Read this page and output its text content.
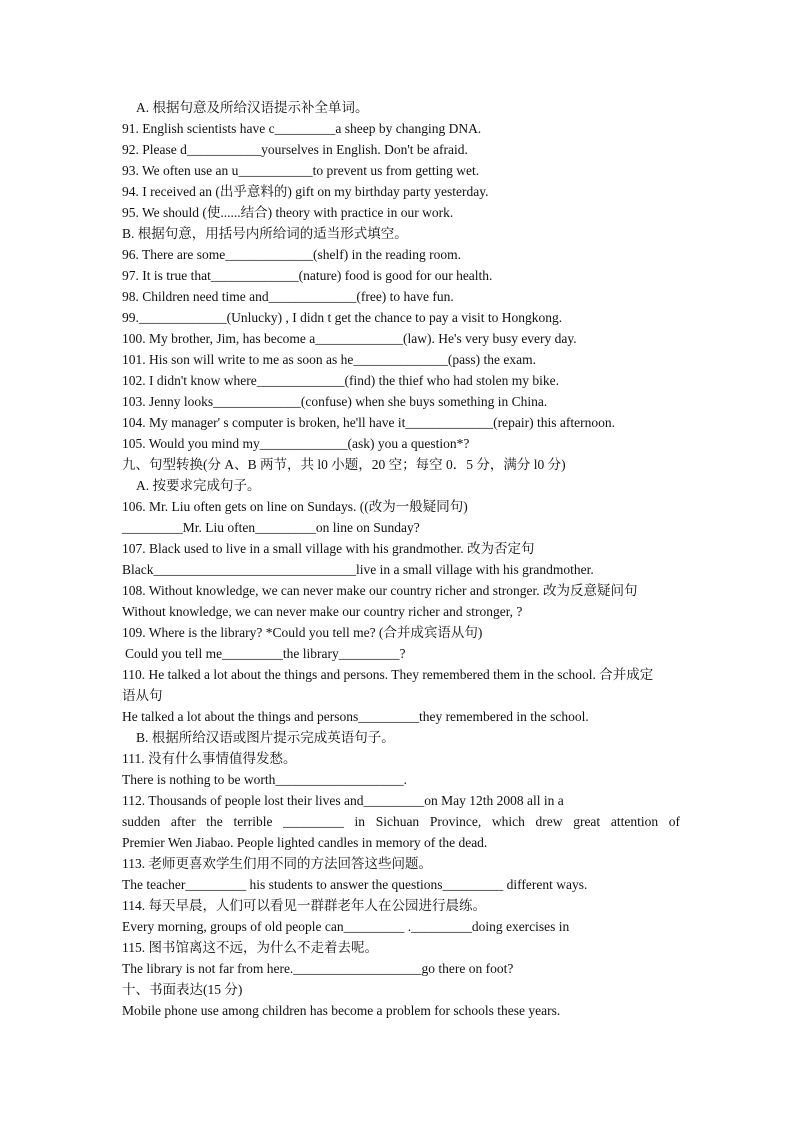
A. 根据句意及所给汉语提示补全单词。
91. English scientists have c_________a sheep by changing DNA.
92. Please d___________yourselves in English. Don't be afraid.
93. We often use an u___________to prevent us from getting wet.
94. I received an (出乎意料的) gift on my birthday party yesterday.
95. We should (使......结合) theory with practice in our work.
B. 根据句意，用括号内所给词的适当形式填空。
96. There are some_____________(shelf) in the reading room.
97. It is true that_____________(nature) food is good for our health.
98. Children need time and_____________(free) to have fun.
99._____________(Unlucky) , I didn t get the chance to pay a visit to Hongkong.
100. My brother, Jim, has become a_____________(law). He's very busy every day.
101. His son will write to me as soon as he______________(pass) the exam.
102. I didn't know where_____________(find) the thief who had stolen my bike.
103. Jenny looks_____________(confuse) when she buys something in China.
104. My manager' s computer is broken, he'll have it_____________(repair) this afternoon.
105. Would you mind my_____________(ask) you a question*?
九、句型转换(分 A、B 两节，共 l0 小题，20 空；每空 0．5 分，满分 l0 分)
A. 按要求完成句子。
106. Mr. Liu often gets on line on Sundays. ((改为一般疑同句)
_________Mr. Liu often_________on line on Sunday?
107. Black used to live in a small village with his grandmother. 改为否定句
Black______________________________live in a small village with his grandmother.
108. Without knowledge, we can never make our country richer and stronger. 改为反意疑问句
Without knowledge, we can never make our country richer and stronger, ?
109. Where is the library? *Could you tell me? (合并成宾语从句)
Could you tell me_________the library_________?
110. He talked a lot about the things and persons. They remembered them in the school. 合并成定
语从句
He talked a lot about the things and persons_________they remembered in the school.
B. 根据所给汉语或图片提示完成英语句子。
111. 没有什么事情值得发愁。
There is nothing to be worth___________________.
112. Thousands of people lost their lives and_________on May 12th 2008 all in a
sudden after the terrible _________ in Sichuan Province, which drew great attention of
Premier Wen Jiabao. People lighted candles in memory of the dead.
113. 老师更喜欢学生们用不同的方法回答这些问题。
The teacher_________ his students to answer the questions_________ different ways.
114. 每天早晨，人们可以看见一群群老年人在公园进行晨练。
Every morning, groups of old people can_________ ._________doing exercises in
115. 图书馆离这不远，为什么不走着去呢。
The library is not far from here.___________________go there on foot?
十、书面表达(15 分)
Mobile phone use among children has become a problem for schools these years.
